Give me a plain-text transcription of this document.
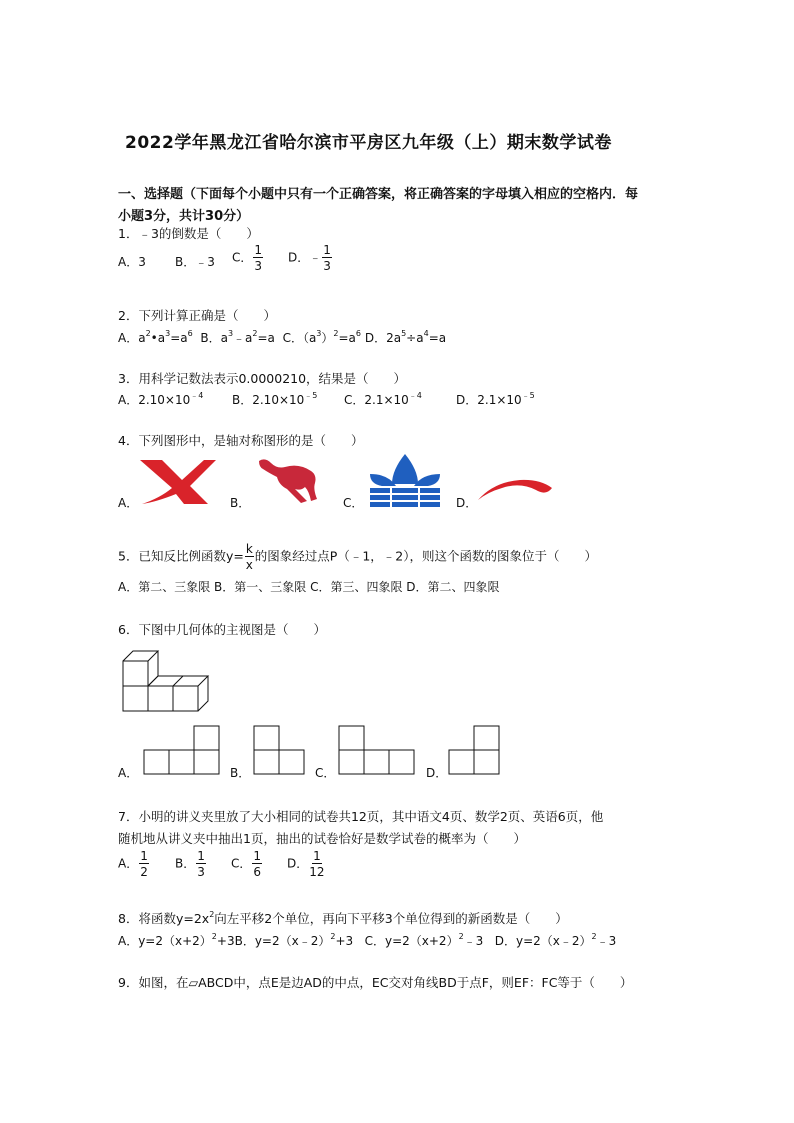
2022学年黑龙江省哈尔滨市平房区九年级（上）期末数学试卷
一、选择题（下面每个小题中只有一个正确答案，将正确答案的字母填入相应的空格内．每
小题3分，共计30分）
1．﹣3的倒数是（　　）
A．3 B．﹣3 C． $\frac{1}{3}$ D．﹣ $\frac{1}{3}$
2．下列计算正确是（　　）
A．$a^2•a^3=a^6$ B．$a^3﹣a^2=a$ C．$(a^3)^2=a^6$ D．$2a^5\div a^4=a$
3．用科学记数法表示0.0000210，结果是（　　）
A．$2.10\times 10^{﹣4}$ B．$2.10\times 10^{﹣5}$ C．$2.1\times 10^{﹣4}$	D．$2.1\times 10^{﹣5}$
4．下列图形中，是轴对称图形的是（　　）
A．	B．	C．	D．
5．已知反比例函数$y= \frac{k}{x}$ 的图象经过点P（﹣1，﹣2），则这个函数的图象位于（　　）
A．第二、三象限 B．第一、三象限 C．第三、四象限 D．第二、四象限
6．下图中几何体的主视图是（　　）
A．	B．	C．	D．
7．小明的讲义夹里放了大小相同的试卷共12页，其中语文4页、数学2页、英语6页，他
随机地从讲义夹中抽出1页，抽出的试卷恰好是数学试卷的概率为（　　）
A． $\frac{1}{2}$ B． $\frac{1}{3}$ C． $\frac{1}{6}$ D． $\frac{1}{12}$
8．将函数$y=2x^2$向左平移2个单位，再向下平移3个单位得到的新函数是（　　）
A．$y=2(x+2)^2+3B$．y=2（x﹣2）$^2$+3 C．$y=2(x+2)^2﹣3$ D．y=2（x﹣2）$^2$﹣3
9．如图，在▱ABCD中，点E是边AD的中点，EC交对角线BD于点F，则EF：FC等于（　　）
